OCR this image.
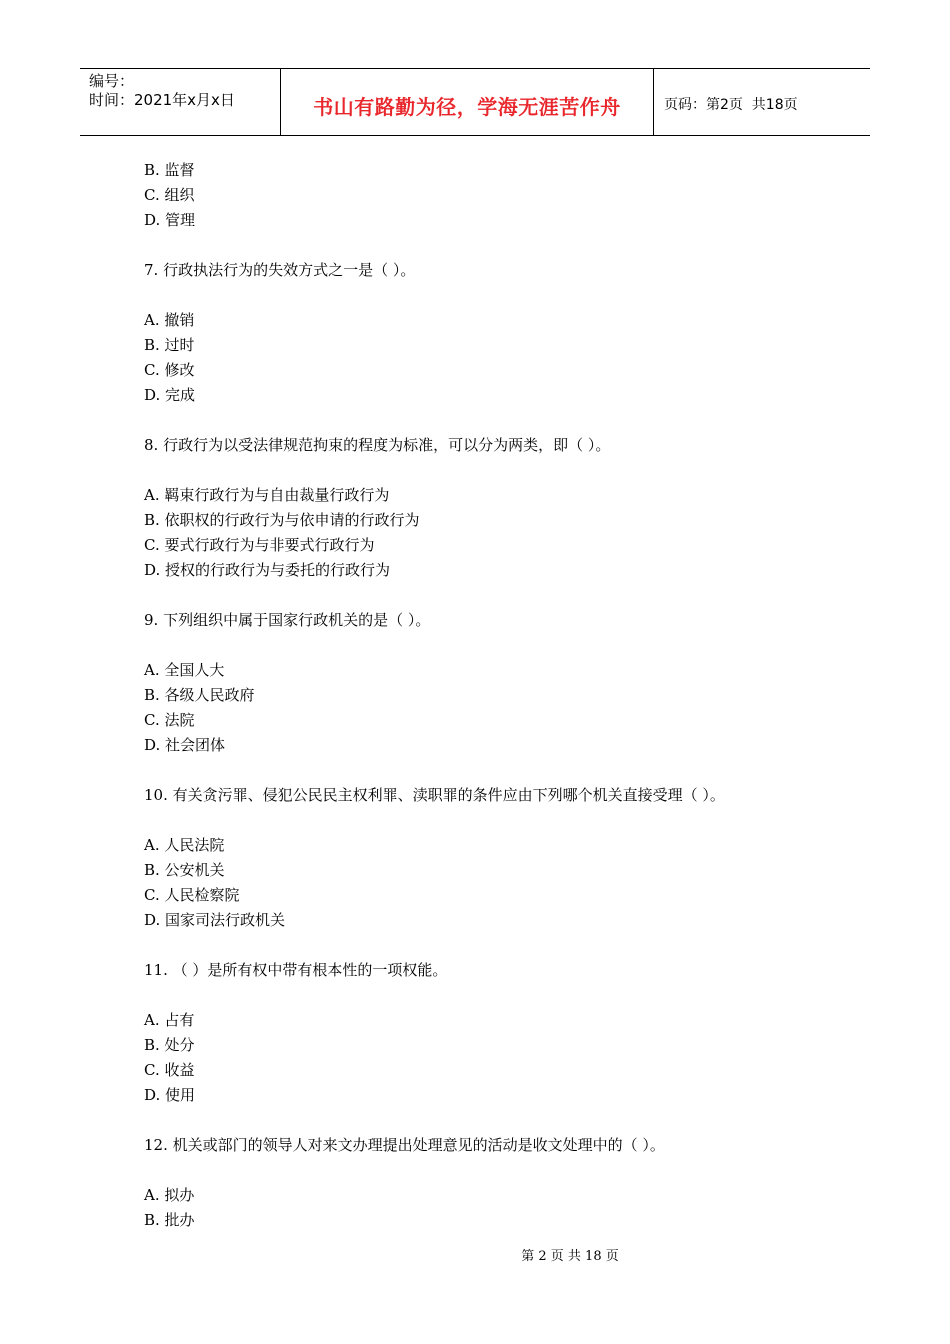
编号：
时间：2021年x月x日	书山有路勤为径，学海无涯苦作舟	页码：第2页  共18页
B. 监督
C. 组织
D. 管理
7. 行政执法行为的失效方式之一是（ ）。
A. 撤销
B. 过时
C. 修改
D. 完成
8. 行政行为以受法律规范拘束的程度为标准，可以分为两类，即（ ）。
A. 羁束行政行为与自由裁量行政行为
B. 依职权的行政行为与依申请的行政行为
C. 要式行政行为与非要式行政行为
D. 授权的行政行为与委托的行政行为
9. 下列组织中属于国家行政机关的是（ ）。
A. 全国人大
B. 各级人民政府
C. 法院
D. 社会团体
10. 有关贪污罪、侵犯公民民主权利罪、渎职罪的条件应由下列哪个机关直接受理（ ）。
A. 人民法院
B. 公安机关
C. 人民检察院
D. 国家司法行政机关
11. （ ）是所有权中带有根本性的一项权能。
A. 占有
B. 处分
C. 收益
D. 使用
12. 机关或部门的领导人对来文办理提出处理意见的活动是收文处理中的（ ）。
A. 拟办
B. 批办
第 2 页 共 18 页
